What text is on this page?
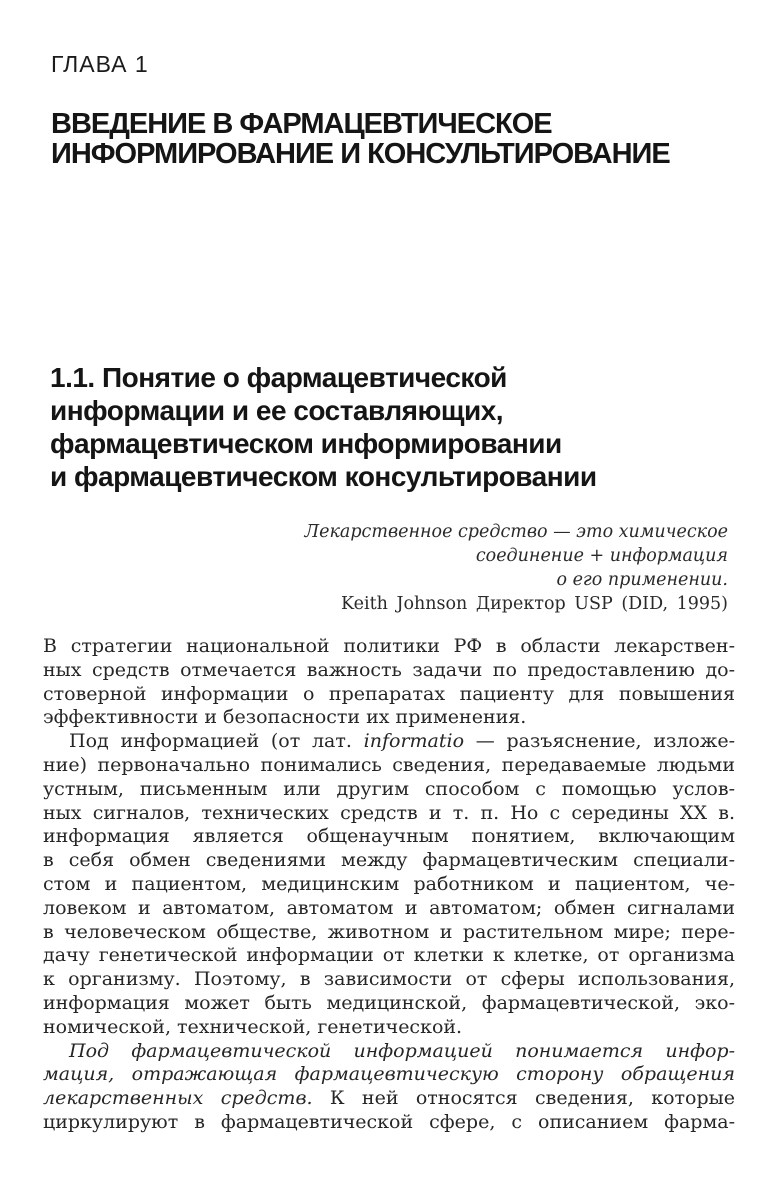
ГЛАВА 1
ВВЕДЕНИЕ В ФАРМАЦЕВТИЧЕСКОЕ
ИНФОРМИРОВАНИЕ И КОНСУЛЬТИРОВАНИЕ
1.1. Понятие о фармацевтической
информации и ее составляющих,
фармацевтическом информировании
и фармацевтическом консультировании
Лекарственное средство — это химическое
соединение + информация
о его применении.
Keith Johnson Директор USP (DID, 1995)
В стратегии национальной политики РФ в области лекарствен-
ных средств отмечается важность задачи по предоставлению до-
стоверной информации о препаратах пациенту для повышения
эффективности и безопасности их применения.
Под информацией (от лат. informatio — разъяснение, изложе-
ние) первоначально понимались сведения, передаваемые людьми
устным, письменным или другим способом с помощью услов-
ных сигналов, технических средств и т. п. Но с середины XX в.
информация является общенаучным понятием, включающим
в себя обмен сведениями между фармацевтическим специали-
стом и пациентом, медицинским работником и пациентом, че-
ловеком и автоматом, автоматом и автоматом; обмен сигналами
в человеческом обществе, животном и растительном мире; пере-
дачу генетической информации от клетки к клетке, от организма
к организму. Поэтому, в зависимости от сферы использования,
информация может быть медицинской, фармацевтической, эко-
номической, технической, генетической.
Под фармацевтической информацией понимается инфор-
мация, отражающая фармацевтическую сторону обращения
лекарственных средств. К ней относятся сведения, которые
циркулируют в фармацевтической сфере, с описанием фарма-
